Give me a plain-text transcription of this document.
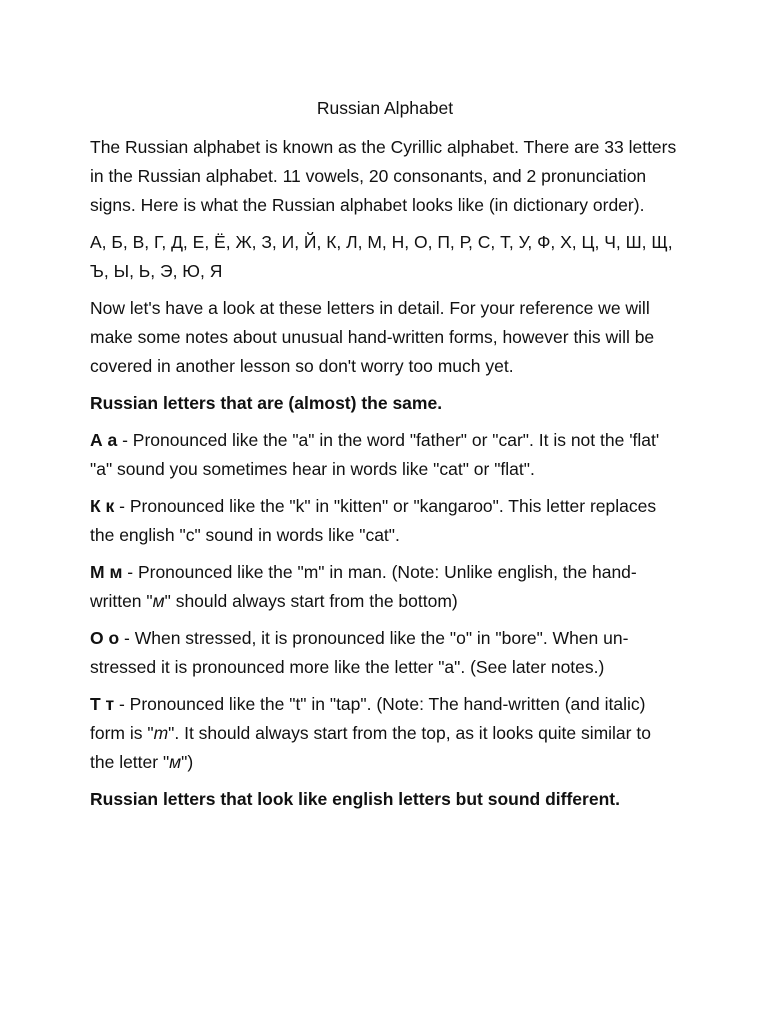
Russian Alphabet

The Russian alphabet is known as the Cyrillic alphabet. There are 33 letters in the Russian alphabet. 11 vowels, 20 consonants, and 2 pronunciation signs. Here is what the Russian alphabet looks like (in dictionary order).

А, Б, В, Г, Д, Е, Ё, Ж, З, И, Й, К, Л, М, Н, О, П, Р, С, Т, У, Ф, Х, Ц, Ч, Ш, Щ, Ъ, Ы, Ь, Э, Ю, Я

Now let's have a look at these letters in detail. For your reference we will make some notes about unusual hand-written forms, however this will be covered in another lesson so don't worry too much yet.

Russian letters that are (almost) the same.

А а - Pronounced like the "a" in the word "father" or "car". It is not the 'flat' "a" sound you sometimes hear in words like "cat" or "flat".

К к - Pronounced like the "k" in "kitten" or "kangaroo". This letter replaces the english "c" sound in words like "cat".

М м - Pronounced like the "m" in man. (Note: Unlike english, the hand-written "м" should always start from the bottom)

О о - When stressed, it is pronounced like the "o" in "bore". When un-stressed it is pronounced more like the letter "a". (See later notes.)

Т т - Pronounced like the "t" in "tap". (Note: The hand-written (and italic) form is "m". It should always start from the top, as it looks quite similar to the letter "м")

Russian letters that look like english letters but sound different.
